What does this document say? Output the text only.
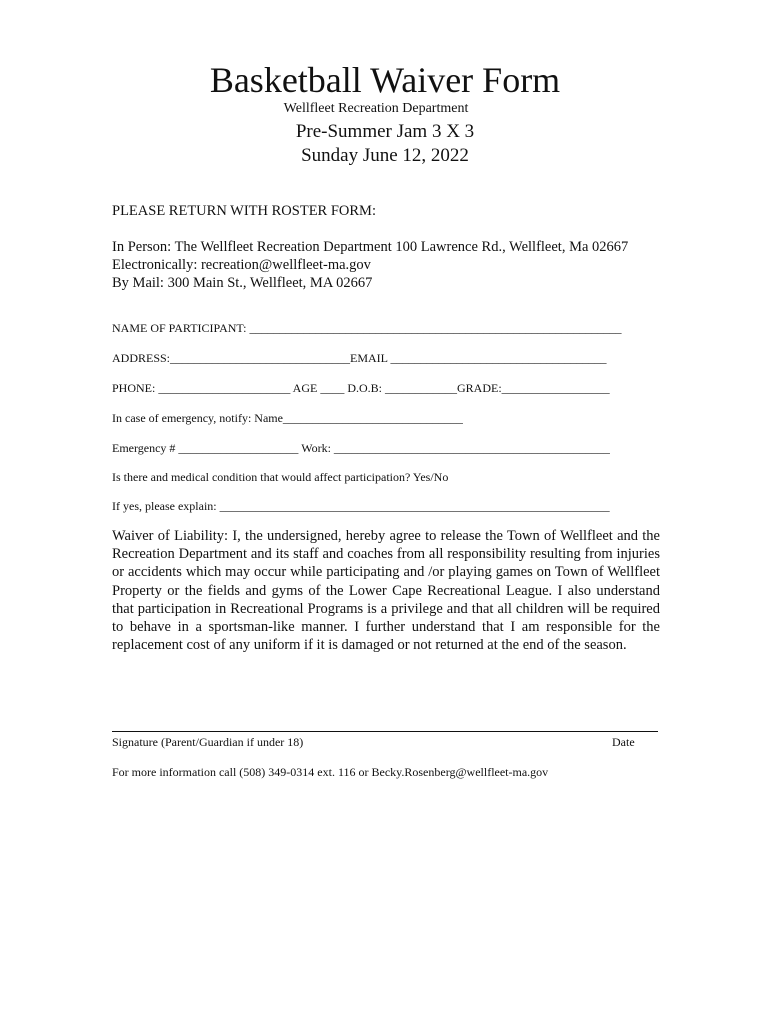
Basketball Waiver Form
Wellfleet Recreation Department
Pre-Summer Jam 3 X 3
Sunday June 12, 2022
PLEASE RETURN WITH ROSTER FORM:
In Person: The Wellfleet Recreation Department 100 Lawrence Rd., Wellfleet, Ma 02667
Electronically: recreation@wellfleet-ma.gov
By Mail: 300 Main St., Wellfleet, MA 02667
NAME OF PARTICIPANT: ______________________________________________________________
ADDRESS:______________________________EMAIL ____________________________________
PHONE: ______________________ AGE ____ D.O.B: ____________GRADE:__________________
In case of emergency, notify: Name______________________________
Emergency # ____________________ Work: ______________________________________________
Is there and medical condition that would affect participation? Yes/No
If yes, please explain: _________________________________________________________________
Waiver of Liability: I, the undersigned, hereby agree to release the Town of Wellfleet and the Recreation Department and its staff and coaches from all responsibility resulting from injuries or accidents which may occur while participating and /or playing games on Town of Wellfleet Property or the fields and gyms of the Lower Cape Recreational League. I also understand that participation in Recreational Programs is a privilege and that all children will be required to behave in a sportsman-like manner. I further understand that I am responsible for the replacement cost of any uniform if it is damaged or not returned at the end of the season.
Signature (Parent/Guardian if under 18)	Date
For more information call (508) 349-0314 ext. 116 or Becky.Rosenberg@wellfleet-ma.gov
